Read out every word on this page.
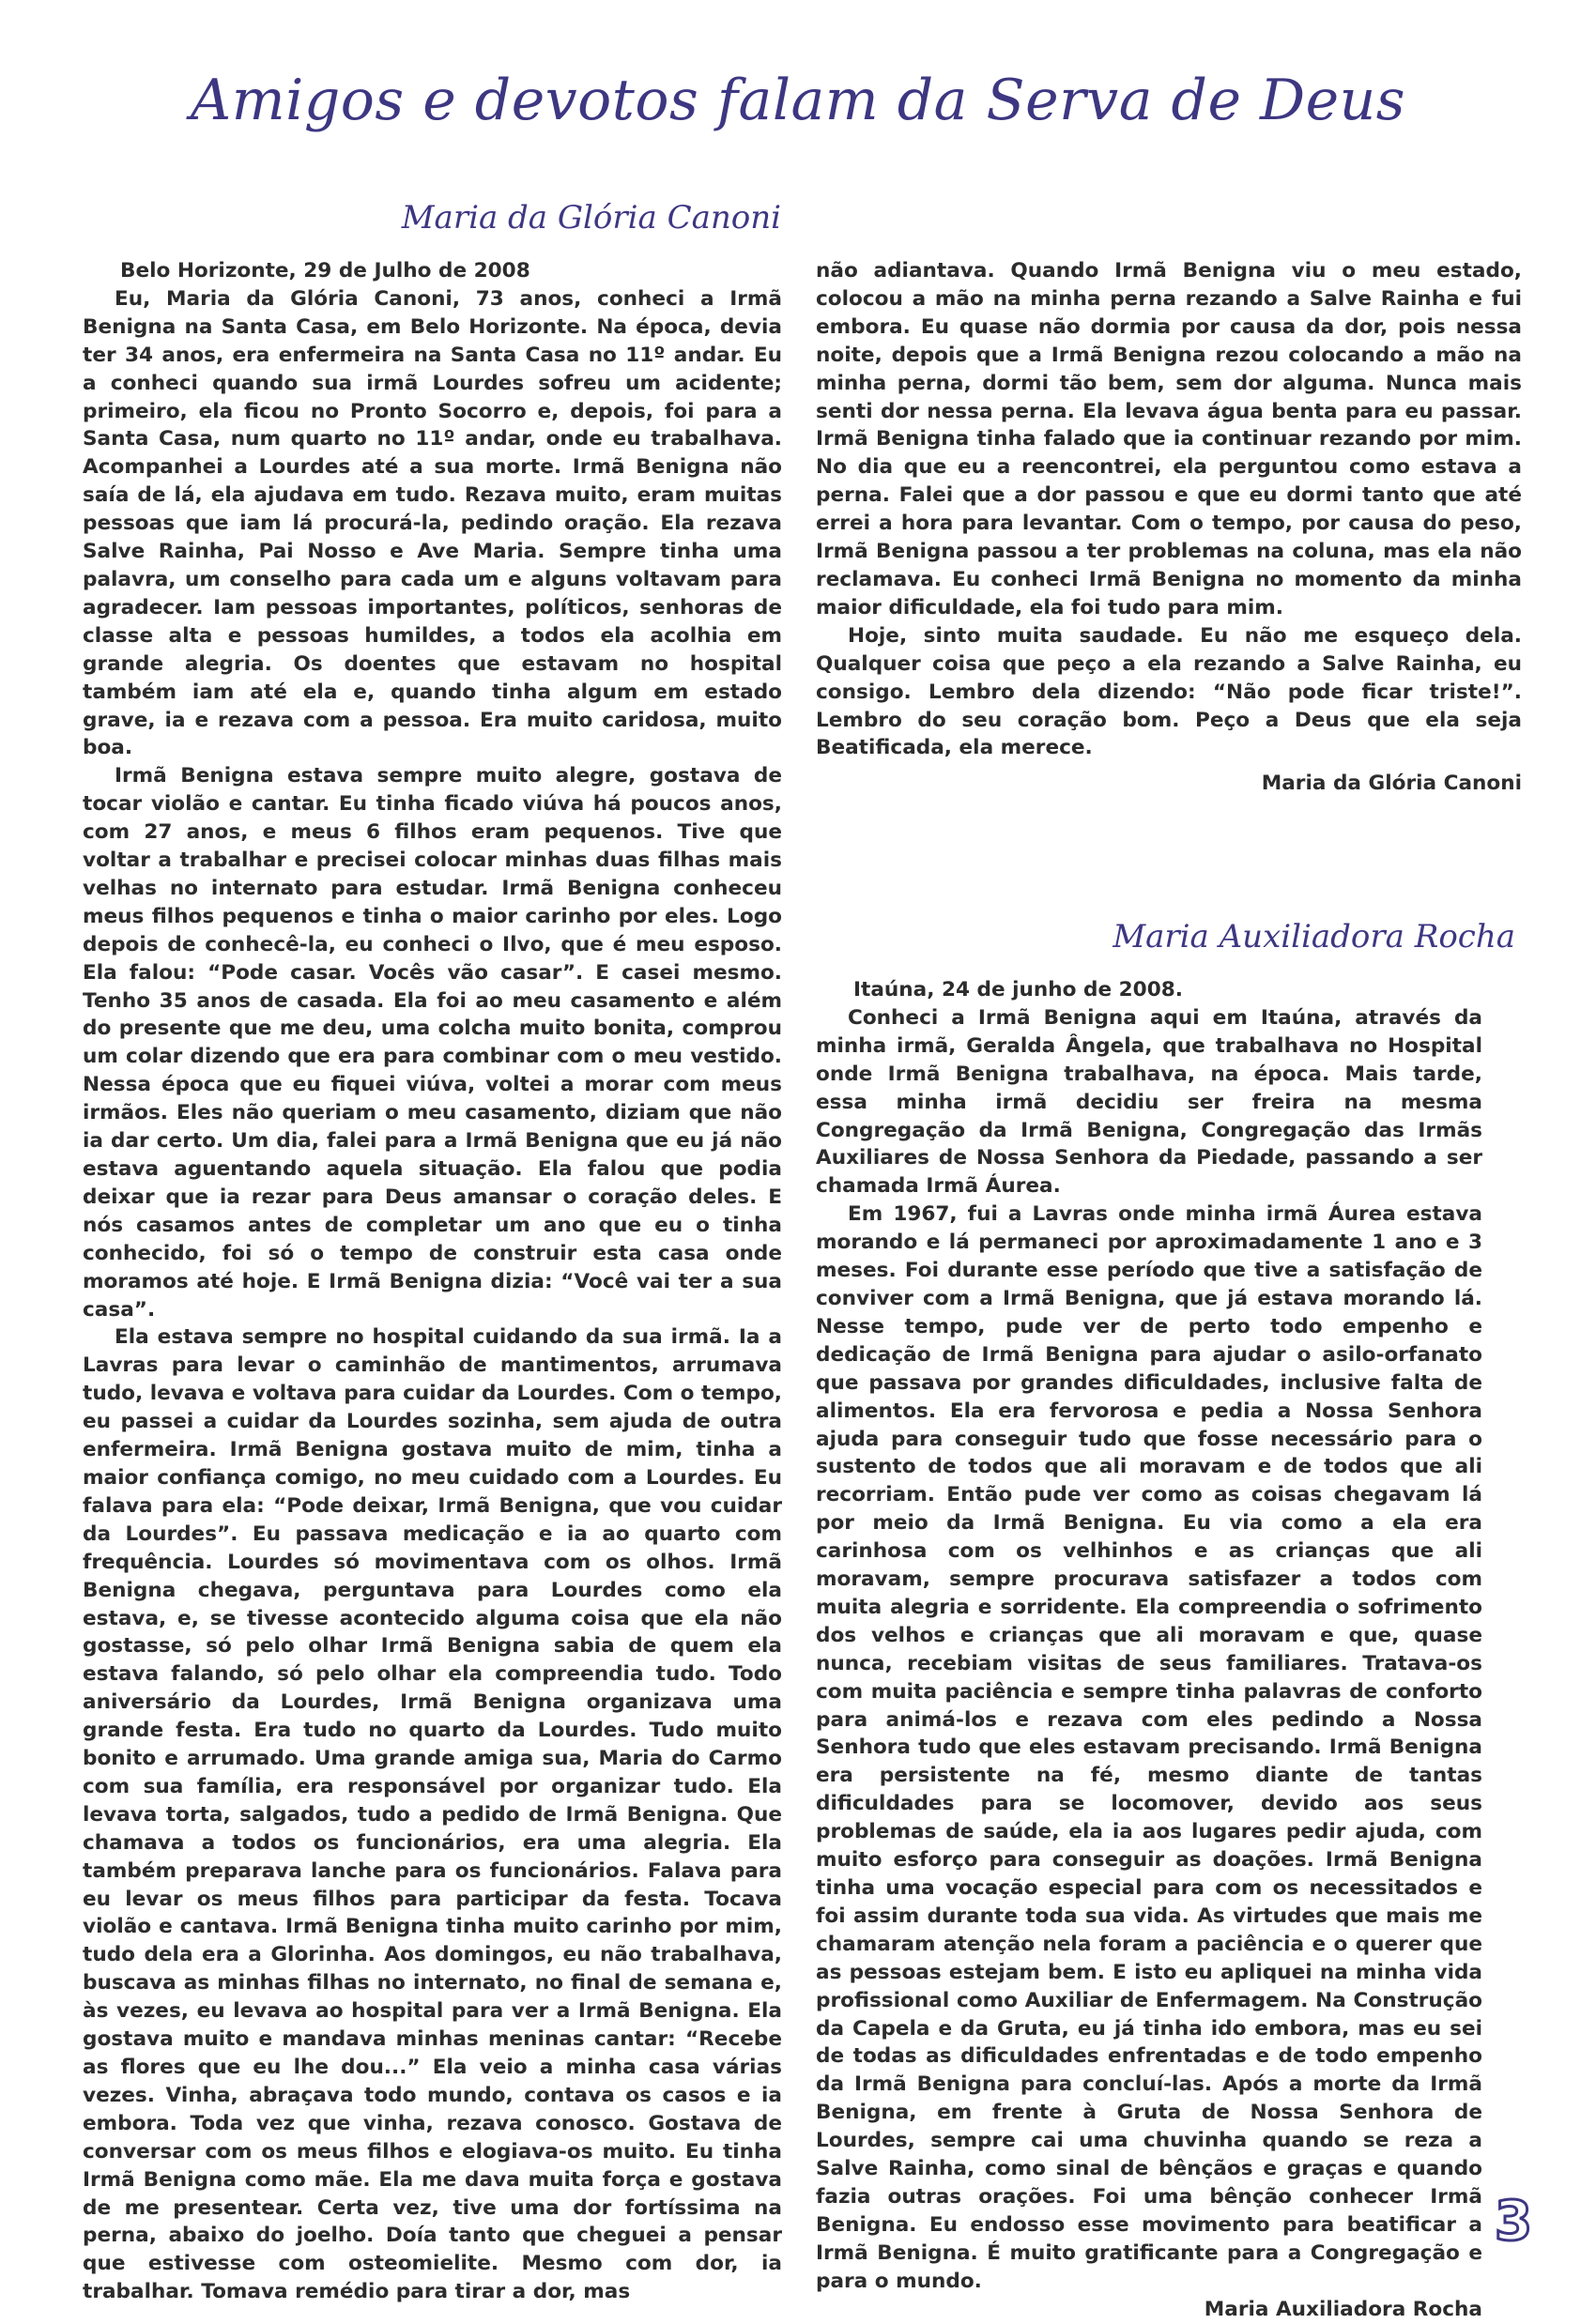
Amigos e devotos falam da Serva de Deus
Maria da Glória Canoni

Belo Horizonte, 29 de Julho de 2008

Eu, Maria da Glória Canoni, 73 anos, conheci a Irmã Benigna na Santa Casa, em Belo Horizonte. Na época, devia ter 34 anos, era enfermeira na Santa Casa no 11º andar. Eu a conheci quando sua irmã Lourdes sofreu um acidente; primeiro, ela ficou no Pronto Socorro e, depois, foi para a Santa Casa, num quarto no 11º andar, onde eu trabalhava. Acompanhei a Lourdes até a sua morte. Irmã Benigna não saía de lá, ela ajudava em tudo. Rezava muito, eram muitas pessoas que iam lá procurá-la, pedindo oração. Ela rezava Salve Rainha, Pai Nosso e Ave Maria. Sempre tinha uma palavra, um conselho para cada um e alguns voltavam para agradecer. Iam pessoas importantes, políticos, senhoras de classe alta e pessoas humildes, a todos ela acolhia em grande alegria. Os doentes que estavam no hospital também iam até ela e, quando tinha algum em estado grave, ia e rezava com a pessoa. Era muito caridosa, muito boa.

Irmã Benigna estava sempre muito alegre, gostava de tocar violão e cantar. Eu tinha ficado viúva há poucos anos, com 27 anos, e meus 6 filhos eram pequenos. Tive que voltar a trabalhar e precisei colocar minhas duas filhas mais velhas no internato para estudar. Irmã Benigna conheceu meus filhos pequenos e tinha o maior carinho por eles. Logo depois de conhecê-la, eu conheci o Ilvo, que é meu esposo. Ela falou: “Pode casar. Vocês vão casar”. E casei mesmo. Tenho 35 anos de casada. Ela foi ao meu casamento e além do presente que me deu, uma colcha muito bonita, comprou um colar dizendo que era para combinar com o meu vestido. Nessa época que eu fiquei viúva, voltei a morar com meus irmãos. Eles não queriam o meu casamento, diziam que não ia dar certo. Um dia, falei para a Irmã Benigna que eu já não estava aguentando aquela situação. Ela falou que podia deixar que ia rezar para Deus amansar o coração deles. E nós casamos antes de completar um ano que eu o tinha conhecido, foi só o tempo de construir esta casa onde moramos até hoje. E Irmã Benigna dizia: “Você vai ter a sua casa”.

Ela estava sempre no hospital cuidando da sua irmã. Ia a Lavras para levar o caminhão de mantimentos, arrumava tudo, levava e voltava para cuidar da Lourdes. Com o tempo, eu passei a cuidar da Lourdes sozinha, sem ajuda de outra enfermeira. Irmã Benigna gostava muito de mim, tinha a maior confiança comigo, no meu cuidado com a Lourdes. Eu falava para ela: “Pode deixar, Irmã Benigna, que vou cuidar da Lourdes”. Eu passava medicação e ia ao quarto com frequência. Lourdes só movimentava com os olhos. Irmã Benigna chegava, perguntava para Lourdes como ela estava, e, se tivesse acontecido alguma coisa que ela não gostasse, só pelo olhar Irmã Benigna sabia de quem ela estava falando, só pelo olhar ela compreendia tudo. Todo aniversário da Lourdes, Irmã Benigna organizava uma grande festa. Era tudo no quarto da Lourdes. Tudo muito bonito e arrumado. Uma grande amiga sua, Maria do Carmo com sua família, era responsável por organizar tudo. Ela levava torta, salgados, tudo a pedido de Irmã Benigna. Que chamava a todos os funcionários, era uma alegria. Ela também preparava lanche para os funcionários. Falava para eu levar os meus filhos para participar da festa. Tocava violão e cantava. Irmã Benigna tinha muito carinho por mim, tudo dela era a Glorinha. Aos domingos, eu não trabalhava, buscava as minhas filhas no internato, no final de semana e, às vezes, eu levava ao hospital para ver a Irmã Benigna. Ela gostava muito e mandava minhas meninas cantar: “Recebe as flores que eu lhe dou...” Ela veio a minha casa várias vezes. Vinha, abraçava todo mundo, contava os casos e ia embora. Toda vez que vinha, rezava conosco. Gostava de conversar com os meus filhos e elogiava-os muito. Eu tinha Irmã Benigna como mãe. Ela me dava muita força e gostava de me presentear. Certa vez, tive uma dor fortíssima na perna, abaixo do joelho. Doía tanto que cheguei a pensar que estivesse com osteomielite. Mesmo com dor, ia trabalhar. Tomava remédio para tirar a dor, mas

não adiantava. Quando Irmã Benigna viu o meu estado, colocou a mão na minha perna rezando a Salve Rainha e fui embora. Eu quase não dormia por causa da dor, pois nessa noite, depois que a Irmã Benigna rezou colocando a mão na minha perna, dormi tão bem, sem dor alguma. Nunca mais senti dor nessa perna. Ela levava água benta para eu passar. Irmã Benigna tinha falado que ia continuar rezando por mim. No dia que eu a reencontrei, ela perguntou como estava a perna. Falei que a dor passou e que eu dormi tanto que até errei a hora para levantar. Com o tempo, por causa do peso, Irmã Benigna passou a ter problemas na coluna, mas ela não reclamava. Eu conheci Irmã Benigna no momento da minha maior dificuldade, ela foi tudo para mim.

Hoje, sinto muita saudade. Eu não me esqueço dela. Qualquer coisa que peço a ela rezando a Salve Rainha, eu consigo. Lembro dela dizendo: “Não pode ficar triste!”. Lembro do seu coração bom. Peço a Deus que ela seja Beatificada, ela merece.

Maria da Glória Canoni

Maria Auxiliadora Rocha

Itaúna, 24 de junho de 2008.

Conheci a Irmã Benigna aqui em Itaúna, através da minha irmã, Geralda Ângela, que trabalhava no Hospital onde Irmã Benigna trabalhava, na época. Mais tarde, essa minha irmã decidiu ser freira na mesma Congregação da Irmã Benigna, Congregação das Irmãs Auxiliares de Nossa Senhora da Piedade, passando a ser chamada Irmã Áurea.

Em 1967, fui a Lavras onde minha irmã Áurea estava morando e lá permaneci por aproximadamente 1 ano e 3 meses. Foi durante esse período que tive a satisfação de conviver com a Irmã Benigna, que já estava morando lá. Nesse tempo, pude ver de perto todo empenho e dedicação de Irmã Benigna para ajudar o asilo-orfanato que passava por grandes dificuldades, inclusive falta de alimentos. Ela era fervorosa e pedia a Nossa Senhora ajuda para conseguir tudo que fosse necessário para o sustento de todos que ali moravam e de todos que ali recorriam. Então pude ver como as coisas chegavam lá por meio da Irmã Benigna. Eu via como a ela era carinhosa com os velhinhos e as crianças que ali moravam, sempre procurava satisfazer a todos com muita alegria e sorridente. Ela compreendia o sofrimento dos velhos e crianças que ali moravam e que, quase nunca, recebiam visitas de seus familiares. Tratava-os com muita paciência e sempre tinha palavras de conforto para animá-los e rezava com eles pedindo a Nossa Senhora tudo que eles estavam precisando. Irmã Benigna era persistente na fé, mesmo diante de tantas dificuldades para se locomover, devido aos seus problemas de saúde, ela ia aos lugares pedir ajuda, com muito esforço para conseguir as doações. Irmã Benigna tinha uma vocação especial para com os necessitados e foi assim durante toda sua vida. As virtudes que mais me chamaram atenção nela foram a paciência e o querer que as pessoas estejam bem. E isto eu apliquei na minha vida profissional como Auxiliar de Enfermagem. Na Construção da Capela e da Gruta, eu já tinha ido embora, mas eu sei de todas as dificuldades enfrentadas e de todo empenho da Irmã Benigna para concluí-las. Após a morte da Irmã Benigna, em frente à Gruta de Nossa Senhora de Lourdes, sempre cai uma chuvinha quando se reza a Salve Rainha, como sinal de bênçãos e graças e quando fazia outras orações. Foi uma bênção conhecer Irmã Benigna. Eu endosso esse movimento para beatificar a Irmã Benigna. É muito gratificante para a Congregação e para o mundo.

Maria Auxiliadora Rocha

3
